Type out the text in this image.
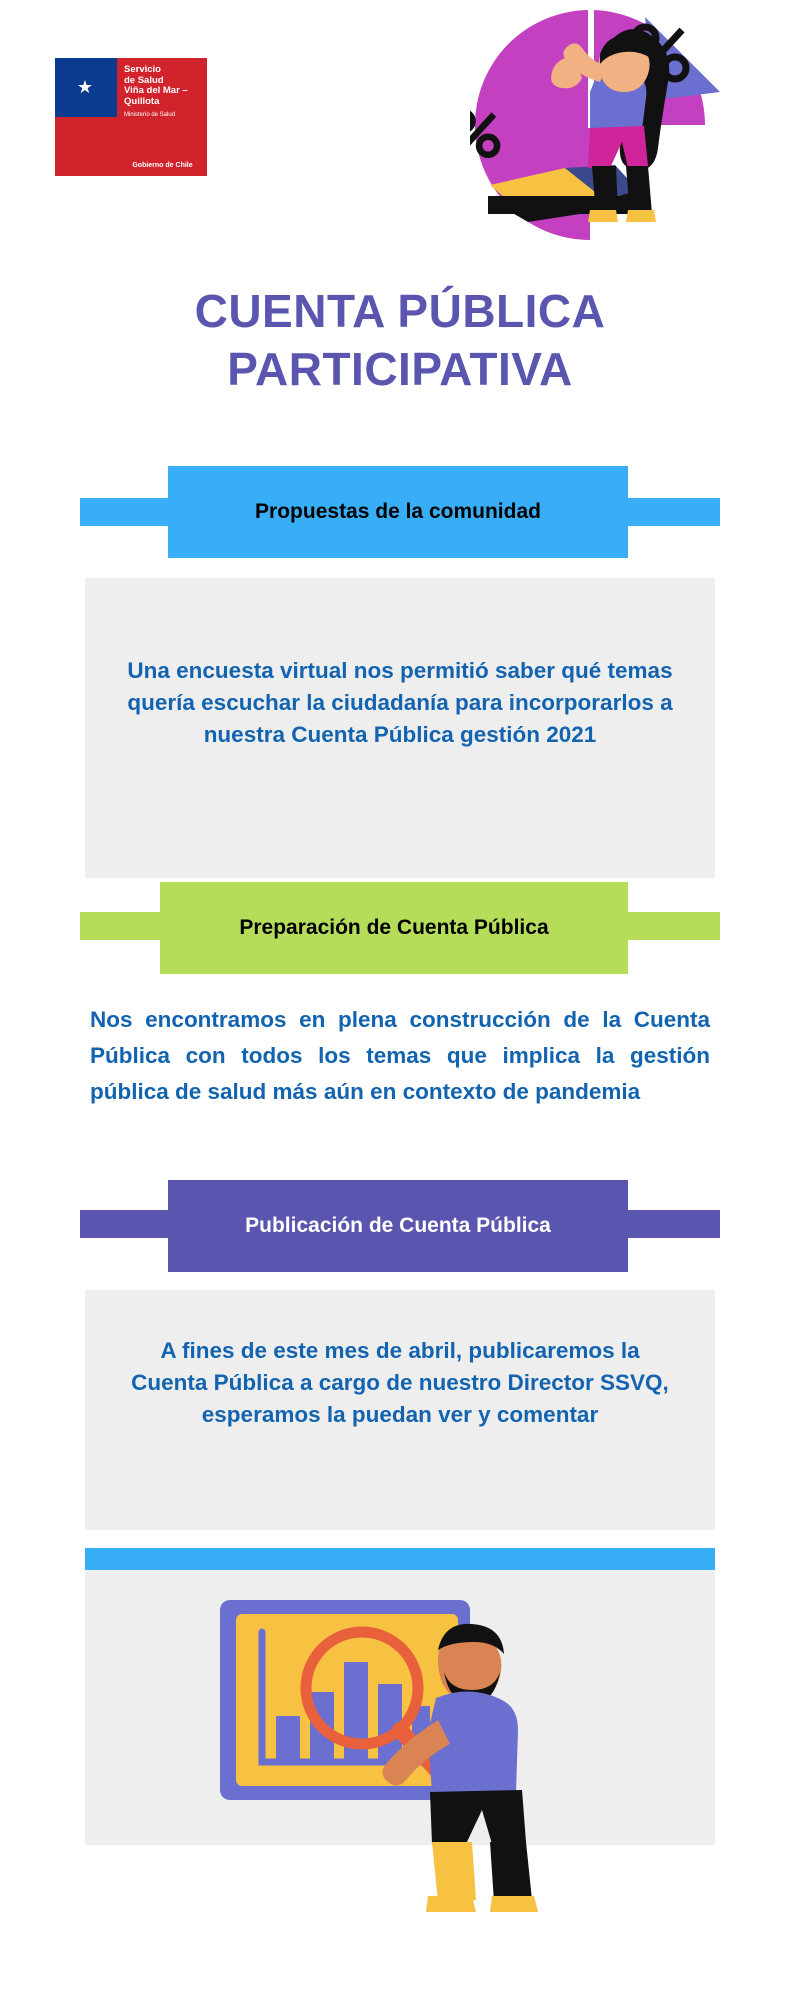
★
Servicio
de Salud
Viña del Mar –
Quillota
Ministerio de Salud
Gobierno de Chile
CUENTA PÚBLICA
PARTICIPATIVA
Propuestas de la comunidad

Una encuesta virtual nos permitió saber qué temas quería escuchar la ciudadanía para incorporarlos a nuestra Cuenta Pública gestión 2021

Preparación de Cuenta Pública

Nos encontramos en plena construcción de la Cuenta Pública con todos los temas que implica la gestión pública de salud más aún en contexto de pandemia

Publicación de Cuenta Pública

A fines de este mes de abril, publicaremos la Cuenta Pública a cargo de nuestro Director SSVQ, esperamos la puedan ver y comentar
